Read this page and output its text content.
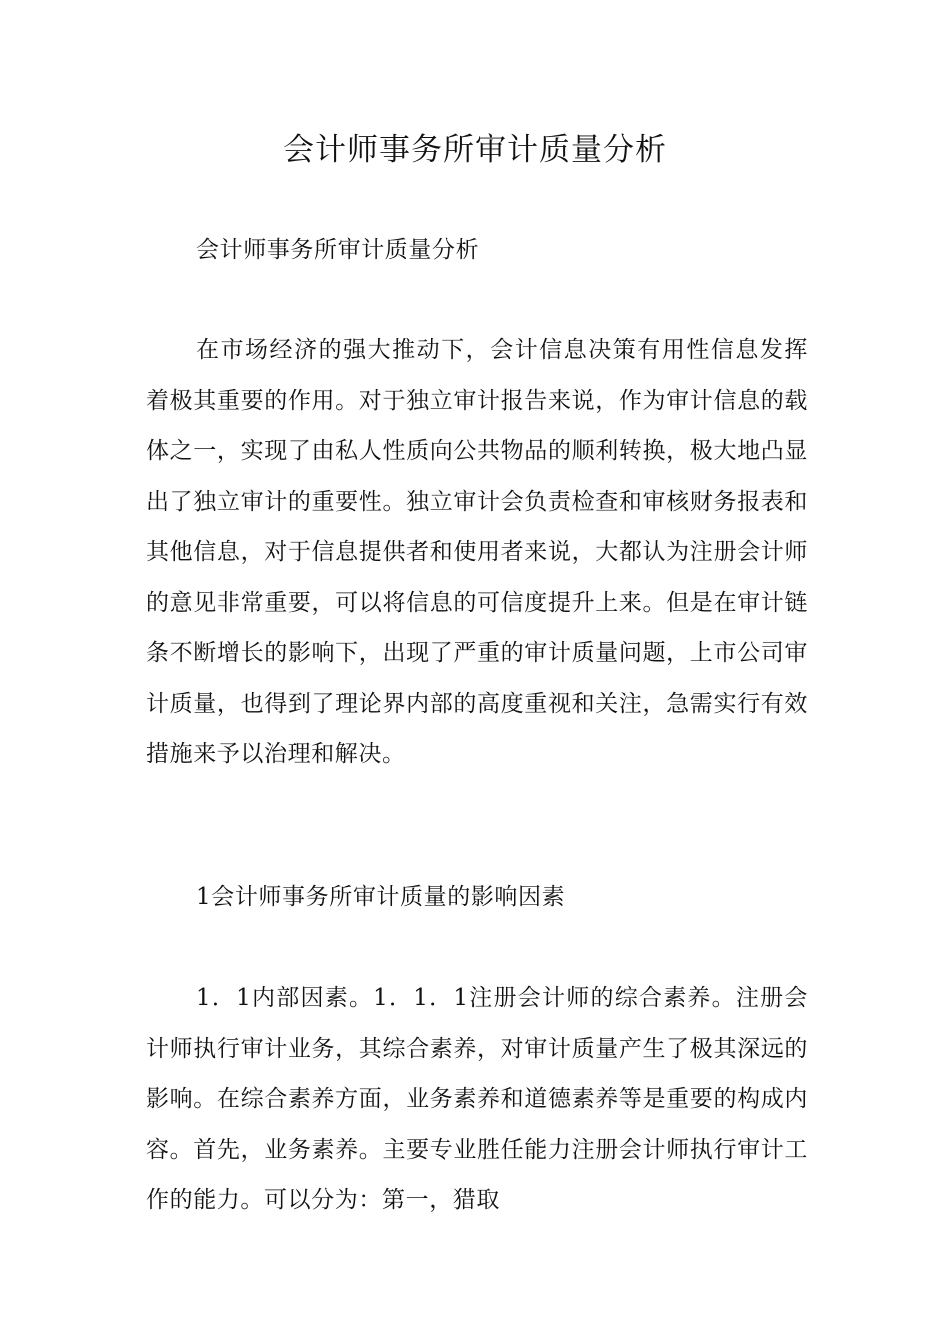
会计师事务所审计质量分析

会计师事务所审计质量分析

在市场经济的强大推动下，会计信息决策有用性信息发挥着极其重要的作用。对于独立审计报告来说，作为审计信息的载体之一，实现了由私人性质向公共物品的顺利转换，极大地凸显出了独立审计的重要性。独立审计会负责检查和审核财务报表和其他信息，对于信息提供者和使用者来说，大都认为注册会计师的意见非常重要，可以将信息的可信度提升上来。但是在审计链条不断增长的影响下，出现了严重的审计质量问题，上市公司审计质量，也得到了理论界内部的高度重视和关注，急需实行有效措施来予以治理和解决。

1会计师事务所审计质量的影响因素

1．1内部因素。1．1．1注册会计师的综合素养。注册会计师执行审计业务，其综合素养，对审计质量产生了极其深远的影响。在综合素养方面，业务素养和道德素养等是重要的构成内容。首先，业务素养。主要专业胜任能力注册会计师执行审计工作的能力。可以分为：第一，猎取
